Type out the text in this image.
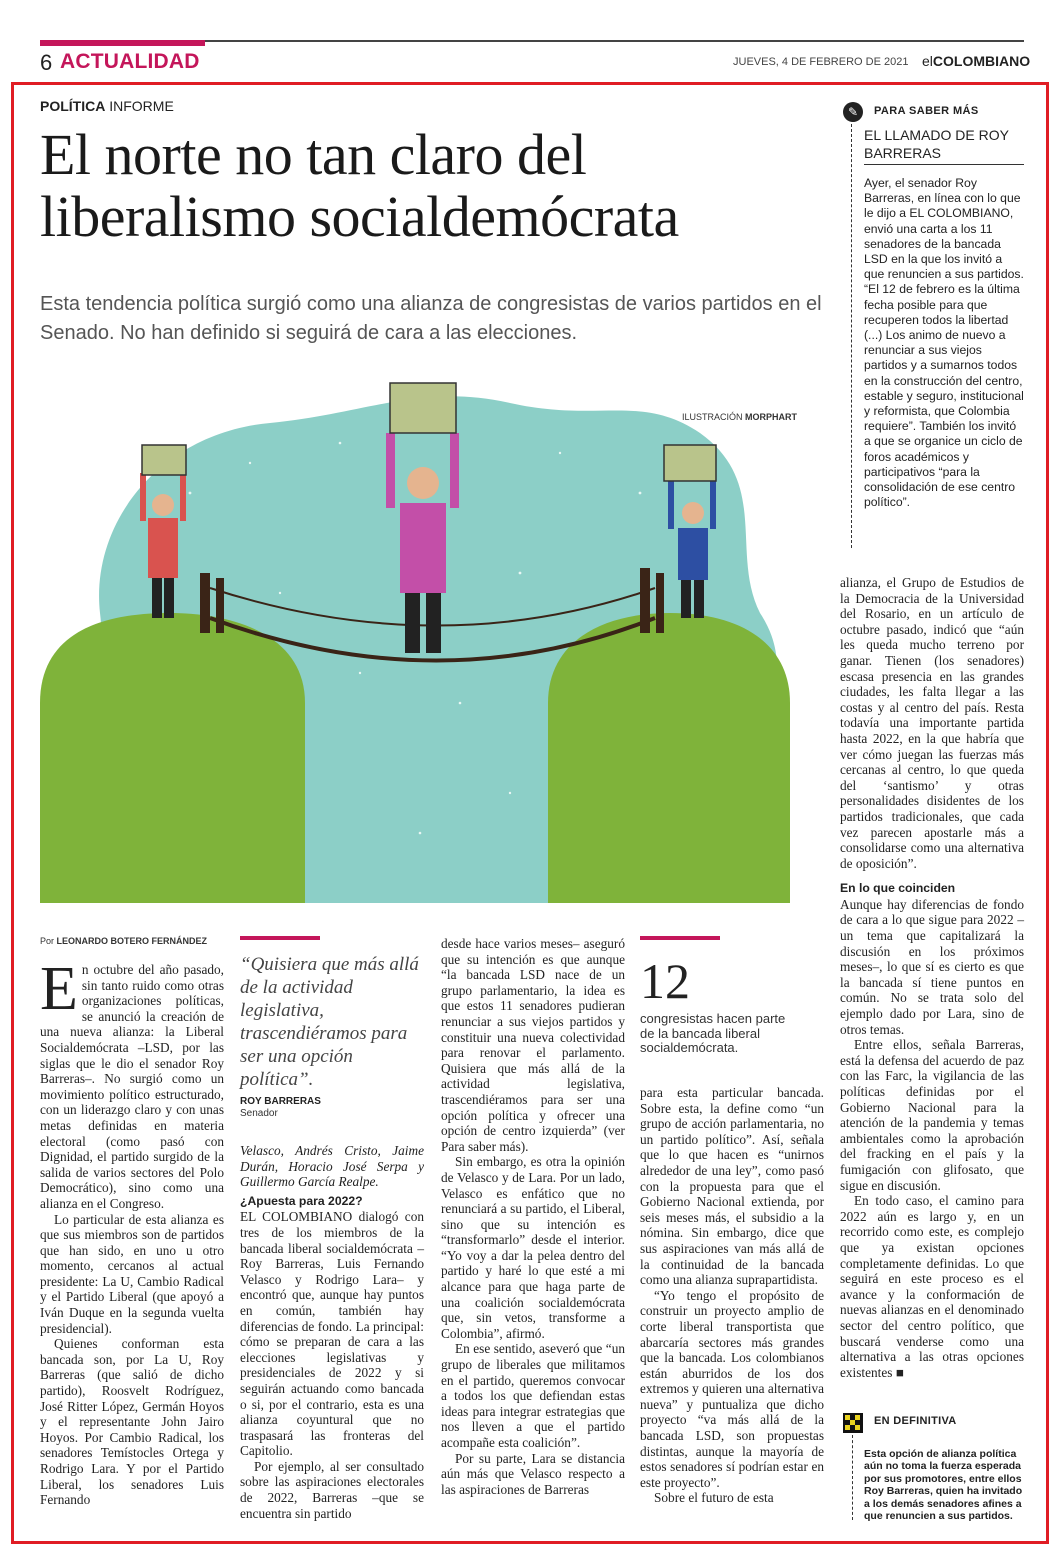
6 ACTUALIDAD	JUEVES, 4 DE FEBRERO DE 2021 elCOLOMBIANO
POLÍTICA INFORME
El norte no tan claro del liberalismo socialdemócrata
Esta tendencia política surgió como una alianza de congresistas de varios partidos en el Senado. No han definido si seguirá de cara a las elecciones.
ILUSTRACIÓN MORPHART
✎	PARA SABER MÁS
EL LLAMADO DE ROY BARRERAS
Ayer, el senador Roy Barreras, en línea con lo que le dijo a EL COLOMBIANO, envió una carta a los 11 senadores de la bancada LSD en la que los invitó a que renuncien a sus partidos. “El 12 de febrero es la última fecha posible para que recuperen todos la libertad (...) Los animo de nuevo a renunciar a sus viejos partidos y a sumarnos todos en la construcción del centro, estable y seguro, institucional y reformista, que Colombia requiere”. También los invitó a que se organice un ciclo de foros académicos y participativos “para la consolidación de ese centro político”.
Por LEONARDO BOTERO FERNÁNDEZ

En octubre del año pasado, sin tanto ruido como otras organizaciones políticas, se anunció la creación de una nueva alianza: la Liberal Socialdemócrata –LSD, por las siglas que le dio el senador Roy Barreras–. No surgió como un movimiento político estructurado, con un liderazgo claro y con unas metas definidas en materia electoral (como pasó con Dignidad, el partido surgido de la salida de varios sectores del Polo Democrático), sino como una alianza en el Congreso.

Lo particular de esta alianza es que sus miembros son de partidos que han sido, en uno u otro momento, cercanos al actual presidente: La U, Cambio Radical y el Partido Liberal (que apoyó a Iván Duque en la segunda vuelta presidencial).

Quienes conforman esta bancada son, por La U, Roy Barreras (que salió de dicho partido), Roosvelt Rodríguez, José Ritter López, Germán Hoyos y el representante John Jairo Hoyos. Por Cambio Radical, los senadores Temístocles Ortega y Rodrigo Lara. Y por el Partido Liberal, los senadores Luis Fernando

“Quisiera que más allá de la actividad legislativa, trascendiéramos para ser una opción política”.
ROY BARRERAS
Senador

Velasco, Andrés Cristo, Jaime Durán, Horacio José Serpa y Guillermo García Realpe.

¿Apuesta para 2022?

EL COLOMBIANO dialogó con tres de los miembros de la bancada liberal socialdemócrata –Roy Barreras, Luis Fernando Velasco y Rodrigo Lara– y encontró que, aunque hay puntos en común, también hay diferencias de fondo. La principal: cómo se preparan de cara a las elecciones legislativas y presidenciales de 2022 y si seguirán actuando como bancada o si, por el contrario, esta es una alianza coyuntural que no traspasará las fronteras del Capitolio.

Por ejemplo, al ser consultado sobre las aspiraciones electorales de 2022, Barreras –que se encuentra sin partido

desde hace varios meses– aseguró que su intención es que aunque “la bancada LSD nace de un grupo parlamentario, la idea es que estos 11 senadores pudieran renunciar a sus viejos partidos y constituir una nueva colectividad para renovar el parlamento. Quisiera que más allá de la actividad legislativa, trascendiéramos para ser una opción política y ofrecer una opción de centro izquierda” (ver Para saber más).

Sin embargo, es otra la opinión de Velasco y de Lara. Por un lado, Velasco es enfático que no renunciará a su partido, el Liberal, sino que su intención es “transformarlo” desde el interior. “Yo voy a dar la pelea dentro del partido y haré lo que esté a mi alcance para que haga parte de una coalición socialdemócrata que, sin vetos, transforme a Colombia”, afirmó.

En ese sentido, aseveró que “un grupo de liberales que militamos en el partido, queremos convocar a todos los que defiendan estas ideas para integrar estrategias que nos lleven a que el partido acompañe esta coalición”.

Por su parte, Lara se distancia aún más que Velasco respecto a las aspiraciones de Barreras

12
congresistas hacen parte de la bancada liberal socialdemócrata.

para esta particular bancada. Sobre esta, la define como “un grupo de acción parlamentaria, no un partido político”. Así, señala que lo que hacen es “unirnos alrededor de una ley”, como pasó con la propuesta para que el Gobierno Nacional extienda, por seis meses más, el subsidio a la nómina. Sin embargo, dice que sus aspiraciones van más allá de la continuidad de la bancada como una alianza suprapartidista.

“Yo tengo el propósito de construir un proyecto amplio de corte liberal transportista que abarcaría sectores más grandes que la bancada. Los colombianos están aburridos de los dos extremos y quieren una alternativa nueva” y puntualiza que dicho proyecto “va más allá de la bancada LSD, son propuestas distintas, aunque la mayoría de estos senadores sí podrían estar en este proyecto”.

Sobre el futuro de esta

alianza, el Grupo de Estudios de la Democracia de la Universidad del Rosario, en un artículo de octubre pasado, indicó que “aún les queda mucho terreno por ganar. Tienen (los senadores) escasa presencia en las grandes ciudades, les falta llegar a las costas y al centro del país. Resta todavía una importante partida hasta 2022, en la que habría que ver cómo juegan las fuerzas más cercanas al centro, lo que queda del ‘santismo’ y otras personalidades disidentes de los partidos tradicionales, que cada vez parecen apostarle más a consolidarse como una alternativa de oposición”.

En lo que coinciden

Aunque hay diferencias de fondo de cara a lo que sigue para 2022 –un tema que capitalizará la discusión en los próximos meses–, lo que sí es cierto es que la bancada sí tiene puntos en común. No se trata solo del ejemplo dado por Lara, sino de otros temas.

Entre ellos, señala Barreras, está la defensa del acuerdo de paz con las Farc, la vigilancia de las políticas definidas por el Gobierno Nacional para la atención de la pandemia y temas ambientales como la aprobación del fracking en el país y la fumigación con glifosato, que sigue en discusión.

En todo caso, el camino para 2022 aún es largo y, en un recorrido como este, es complejo que ya existan opciones completamente definidas. Lo que seguirá en este proceso es el avance y la conformación de nuevas alianzas en el denominado sector del centro político, que buscará venderse como una alternativa a las otras opciones existentes ■

EN DEFINITIVA
Esta opción de alianza política aún no toma la fuerza esperada por sus promotores, entre ellos Roy Barreras, quien ha invitado a los demás senadores afines a que renuncien a sus partidos.
